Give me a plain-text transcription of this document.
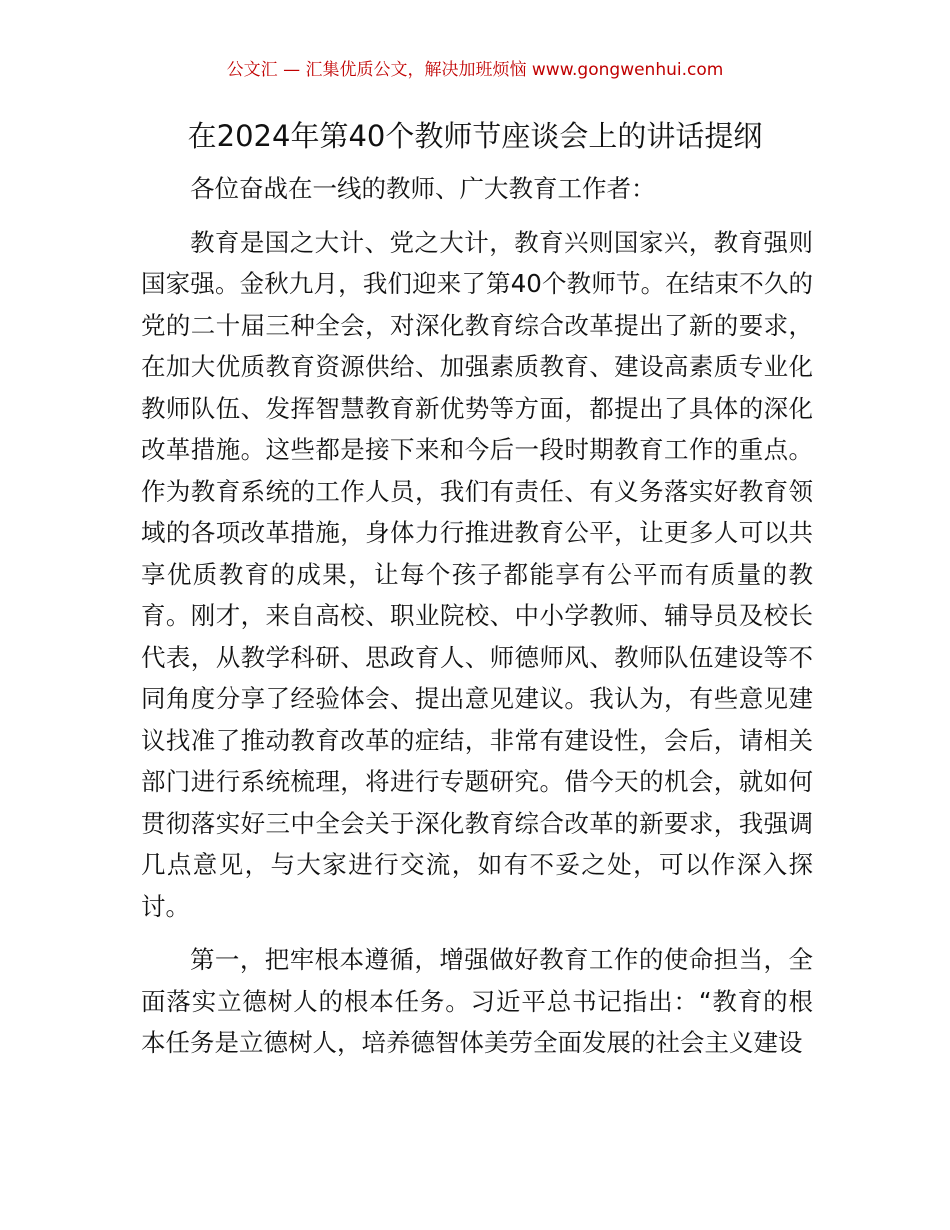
公文汇 — 汇集优质公文，解决加班烦恼 www.gongwenhui.com
在2024年第40个教师节座谈会上的讲话提纲

各位奋战在一线的教师、广大教育工作者：

教育是国之大计、党之大计，教育兴则国家兴，教育强则国家强。金秋九月，我们迎来了第40个教师节。在结束不久的党的二十届三种全会，对深化教育综合改革提出了新的要求，在加大优质教育资源供给、加强素质教育、建设高素质专业化教师队伍、发挥智慧教育新优势等方面，都提出了具体的深化改革措施。这些都是接下来和今后一段时期教育工作的重点。作为教育系统的工作人员，我们有责任、有义务落实好教育领域的各项改革措施，身体力行推进教育公平，让更多人可以共享优质教育的成果，让每个孩子都能享有公平而有质量的教育。刚才，来自高校、职业院校、中小学教师、辅导员及校长代表，从教学科研、思政育人、师德师风、教师队伍建设等不同角度分享了经验体会、提出意见建议。我认为，有些意见建议找准了推动教育改革的症结，非常有建设性，会后，请相关部门进行系统梳理，将进行专题研究。借今天的机会，就如何贯彻落实好三中全会关于深化教育综合改革的新要求，我强调几点意见，与大家进行交流，如有不妥之处，可以作深入探讨。

第一，把牢根本遵循，增强做好教育工作的使命担当，全面落实立德树人的根本任务。习近平总书记指出：“教育的根本任务是立德树人，培养德智体美劳全面发展的社会主义建设
